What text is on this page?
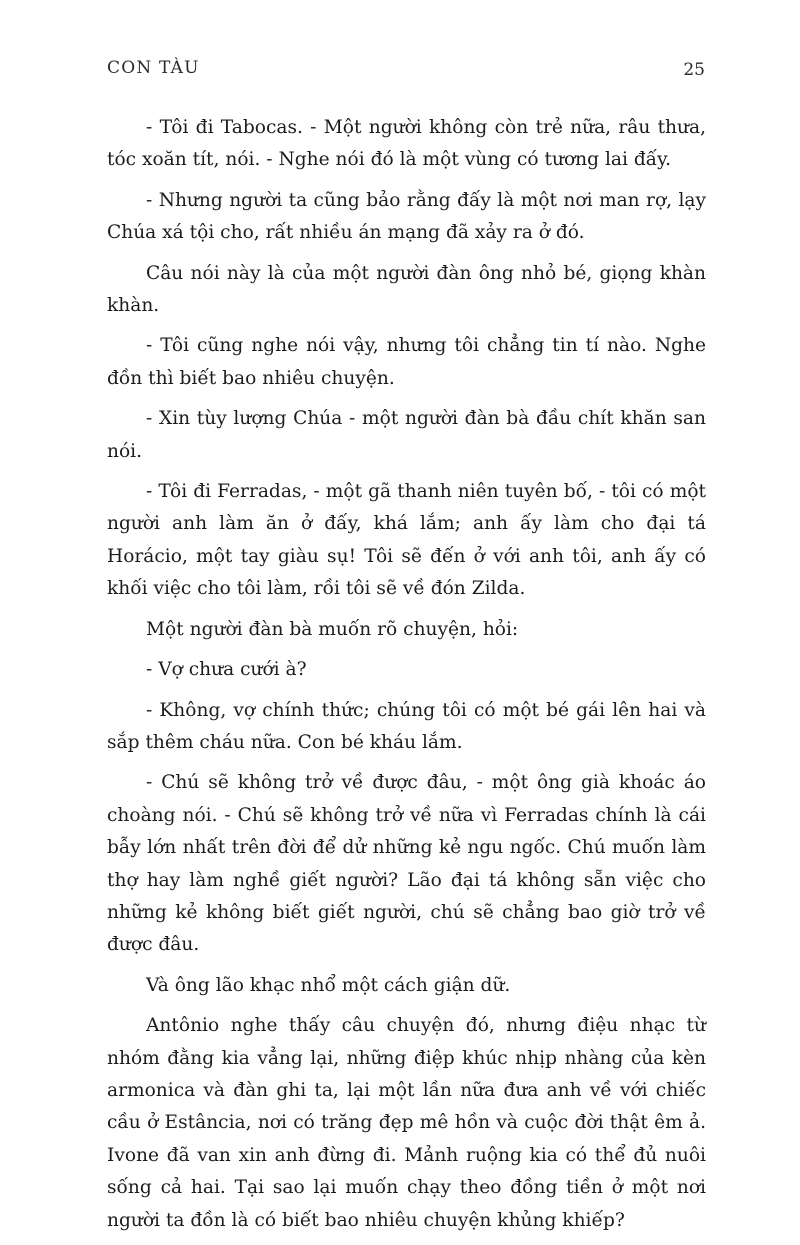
CON TÀU	25

- Tôi đi Tabocas. - Một người không còn trẻ nữa, râu thưa, tóc xoăn tít, nói. - Nghe nói đó là một vùng có tương lai đấy.

- Nhưng người ta cũng bảo rằng đấy là một nơi man rợ, lạy Chúa xá tội cho, rất nhiều án mạng đã xảy ra ở đó.

Câu nói này là của một người đàn ông nhỏ bé, giọng khàn khàn.

- Tôi cũng nghe nói vậy, nhưng tôi chẳng tin tí nào. Nghe đồn thì biết bao nhiêu chuyện.

- Xin tùy lượng Chúa - một người đàn bà đầu chít khăn san nói.

- Tôi đi Ferradas, - một gã thanh niên tuyên bố, - tôi có một người anh làm ăn ở đấy, khá lắm; anh ấy làm cho đại tá Horácio, một tay giàu sụ! Tôi sẽ đến ở với anh tôi, anh ấy có khối việc cho tôi làm, rồi tôi sẽ về đón Zilda.

Một người đàn bà muốn rõ chuyện, hỏi:

- Vợ chưa cưới à?

- Không, vợ chính thức; chúng tôi có một bé gái lên hai và sắp thêm cháu nữa. Con bé kháu lắm.

- Chú sẽ không trở về được đâu, - một ông già khoác áo choàng nói. - Chú sẽ không trở về nữa vì Ferradas chính là cái bẫy lớn nhất trên đời để dử những kẻ ngu ngốc. Chú muốn làm thợ hay làm nghề giết người? Lão đại tá không sẵn việc cho những kẻ không biết giết người, chú sẽ chẳng bao giờ trở về được đâu.

Và ông lão khạc nhổ một cách giận dữ.

Antônio nghe thấy câu chuyện đó, nhưng điệu nhạc từ nhóm đằng kia vẳng lại, những điệp khúc nhịp nhàng của kèn armonica và đàn ghi ta, lại một lần nữa đưa anh về với chiếc cầu ở Estância, nơi có trăng đẹp mê hồn và cuộc đời thật êm ả. Ivone đã van xin anh đừng đi. Mảnh ruộng kia có thể đủ nuôi sống cả hai. Tại sao lại muốn chạy theo đồng tiền ở một nơi người ta đồn là có biết bao nhiêu chuyện khủng khiếp?
